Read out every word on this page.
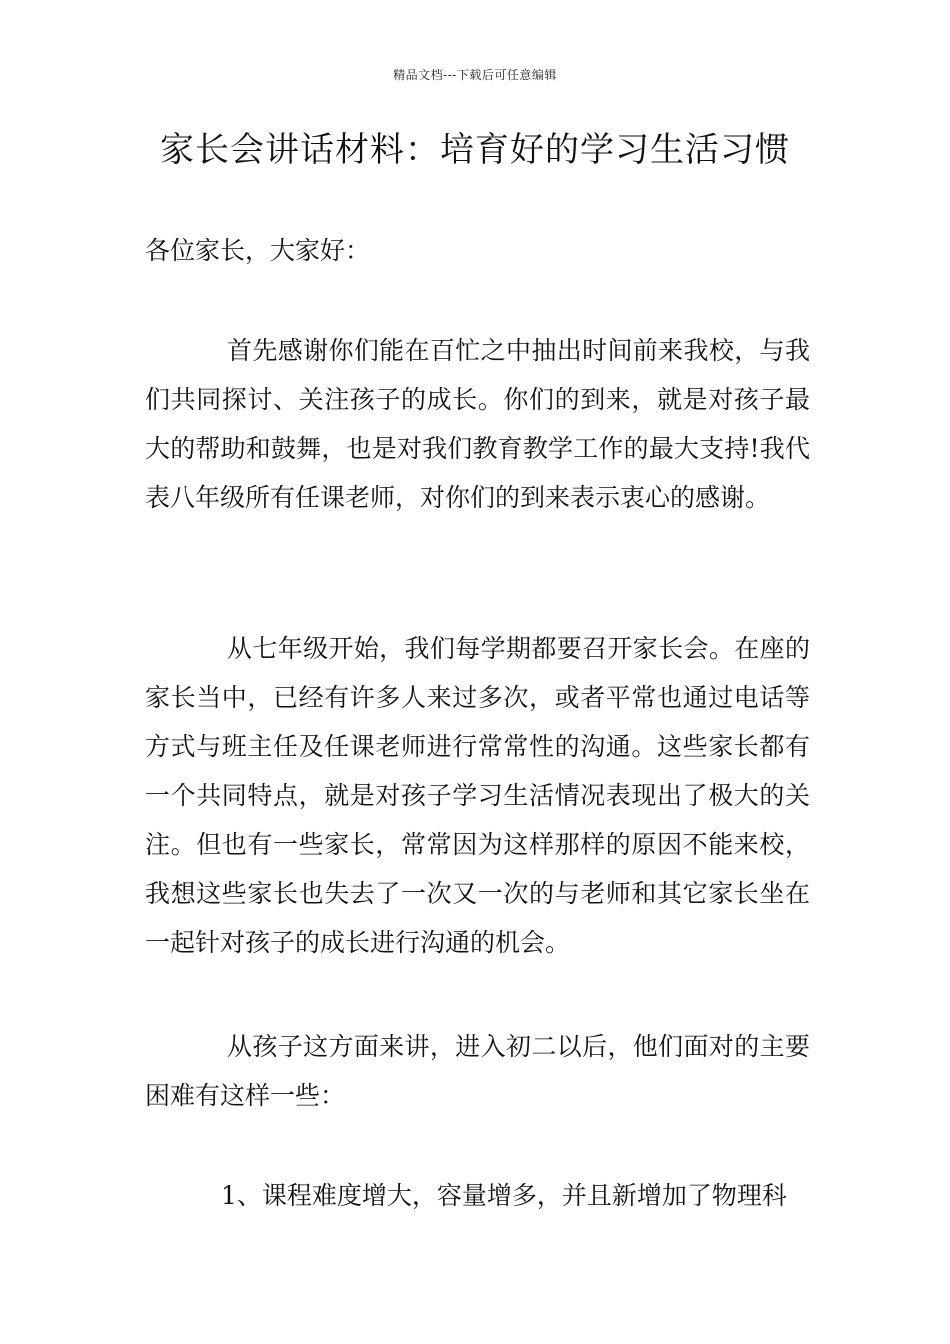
精品文档---下载后可任意编辑
家长会讲话材料：培育好的学习生活习惯

各位家长，大家好：

首先感谢你们能在百忙之中抽出时间前来我校，与我们共同探讨、关注孩子的成长。你们的到来，就是对孩子最大的帮助和鼓舞，也是对我们教育教学工作的最大支持!我代表八年级所有任课老师，对你们的到来表示衷心的感谢。

从七年级开始，我们每学期都要召开家长会。在座的家长当中，已经有许多人来过多次，或者平常也通过电话等方式与班主任及任课老师进行常常性的沟通。这些家长都有一个共同特点，就是对孩子学习生活情况表现出了极大的关注。但也有一些家长，常常因为这样那样的原因不能来校，我想这些家长也失去了一次又一次的与老师和其它家长坐在一起针对孩子的成长进行沟通的机会。

从孩子这方面来讲，进入初二以后，他们面对的主要困难有这样一些：

1、课程难度增大，容量增多，并且新增加了物理科
